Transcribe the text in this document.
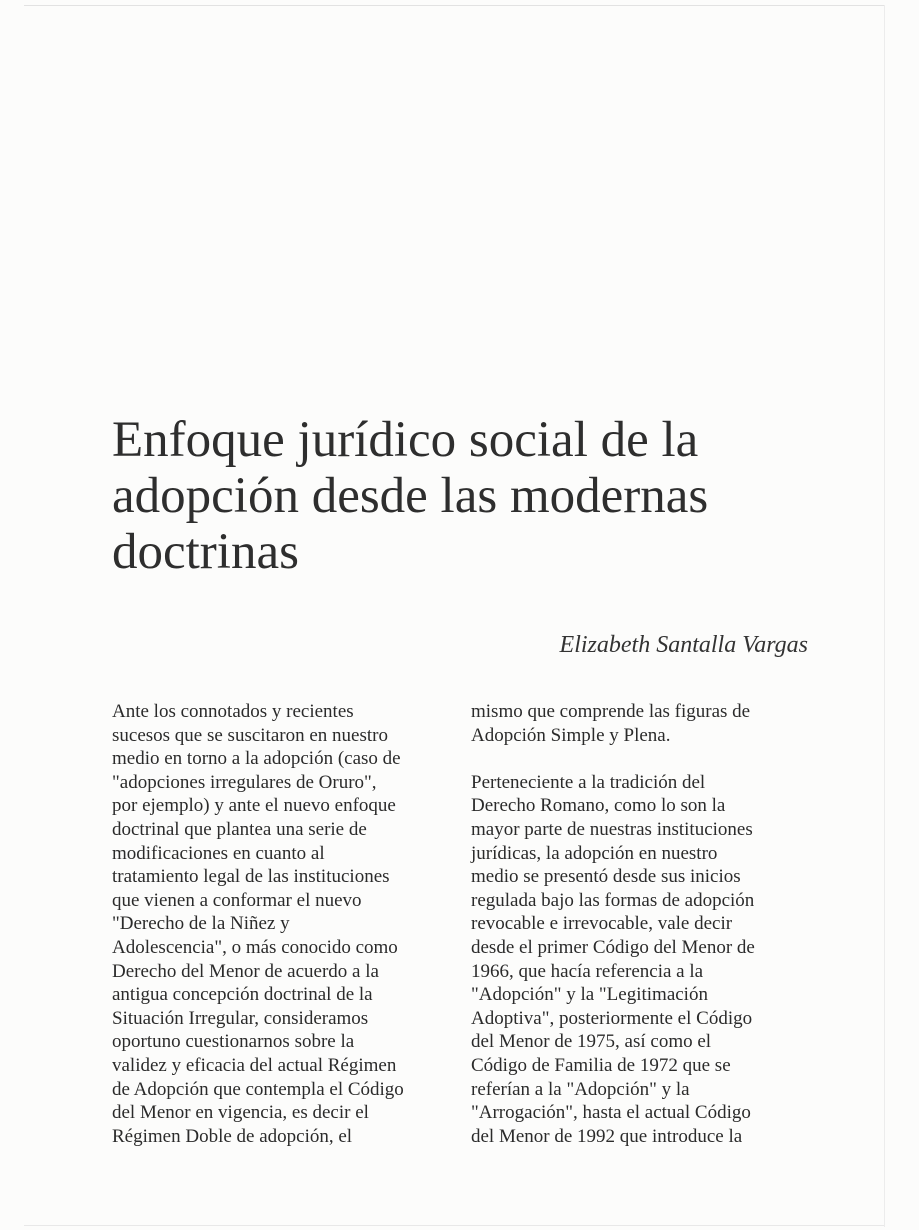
Enfoque jurídico social de la
adopción desde las modernas
doctrinas
Elizabeth Santalla Vargas
Ante los connotados y recientes
sucesos que se suscitaron en nuestro
medio en torno a la adopción (caso de
"adopciones irregulares de Oruro",
por ejemplo) y ante el nuevo enfoque
doctrinal que plantea una serie de
modificaciones en cuanto al
tratamiento legal de las instituciones
que vienen a conformar el nuevo
"Derecho de la Niñez y
Adolescencia", o más conocido como
Derecho del Menor de acuerdo a la
antigua concepción doctrinal de la
Situación Irregular, consideramos
oportuno cuestionarnos sobre la
validez y eficacia del actual Régimen
de Adopción que contempla el Código
del Menor en vigencia, es decir el
Régimen Doble de adopción, el
mismo que comprende las figuras de
Adopción Simple y Plena.
Perteneciente a la tradición del
Derecho Romano, como lo son la
mayor parte de nuestras instituciones
jurídicas, la adopción en nuestro
medio se presentó desde sus inicios
regulada bajo las formas de adopción
revocable e irrevocable, vale decir
desde el primer Código del Menor de
1966, que hacía referencia a la
"Adopción" y la "Legitimación
Adoptiva", posteriormente el Código
del Menor de 1975, así como el
Código de Familia de 1972 que se
referían a la "Adopción" y la
"Arrogación", hasta el actual Código
del Menor de 1992 que introduce la
